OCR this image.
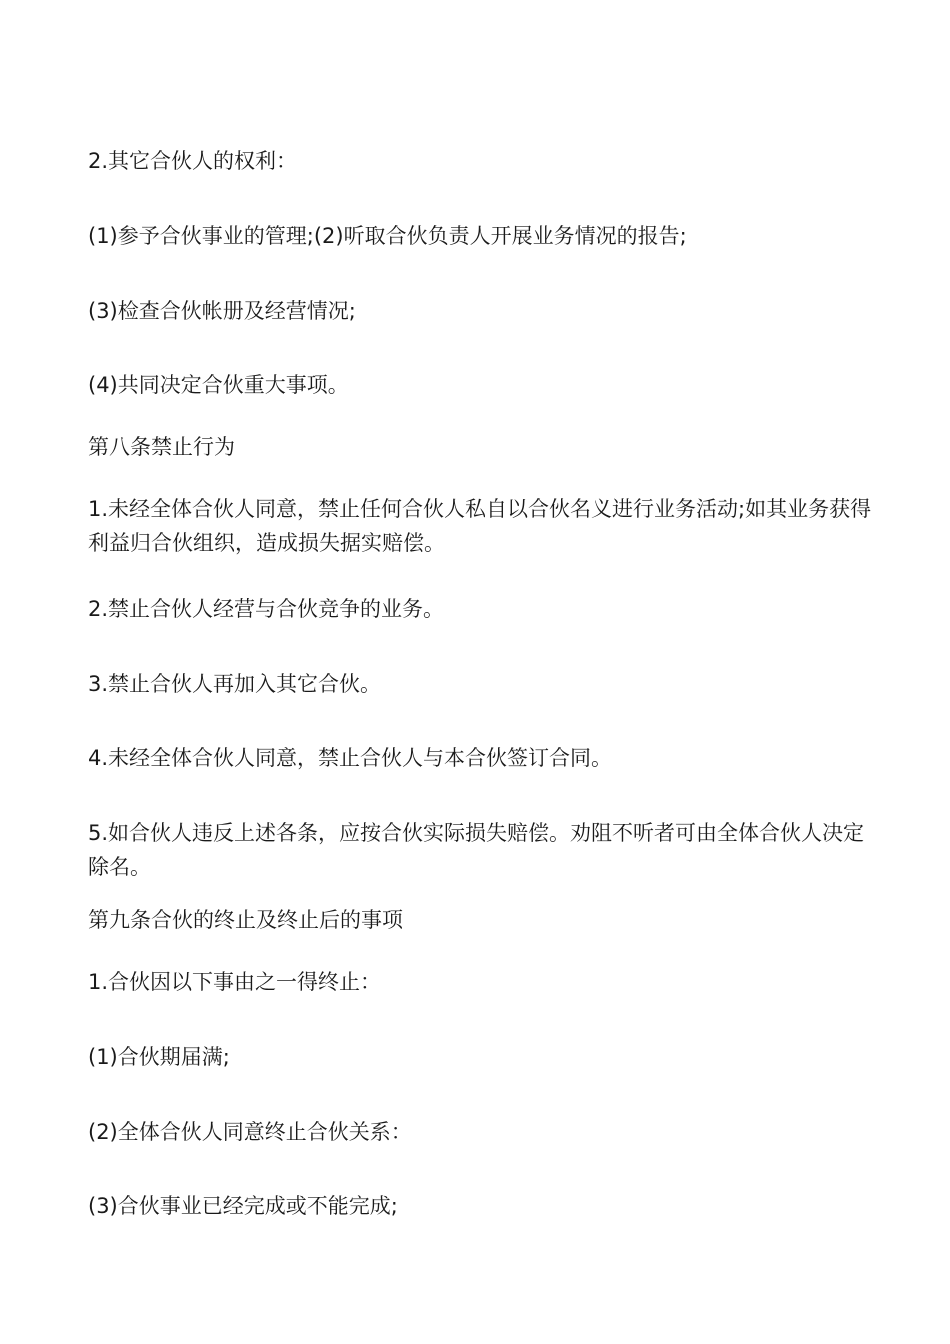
2.其它合伙人的权利：
(1)参予合伙事业的管理;(2)听取合伙负责人开展业务情况的报告;
(3)检查合伙帐册及经营情况;
(4)共同决定合伙重大事项。
第八条禁止行为
1.未经全体合伙人同意，禁止任何合伙人私自以合伙名义进行业务活动;如其业务获得利益归合伙组织，造成损失据实赔偿。
2.禁止合伙人经营与合伙竞争的业务。
3.禁止合伙人再加入其它合伙。
4.未经全体合伙人同意，禁止合伙人与本合伙签订合同。
5.如合伙人违反上述各条，应按合伙实际损失赔偿。劝阻不听者可由全体合伙人决定除名。
第九条合伙的终止及终止后的事项
1.合伙因以下事由之一得终止：
(1)合伙期届满;
(2)全体合伙人同意终止合伙关系：
(3)合伙事业已经完成或不能完成;
